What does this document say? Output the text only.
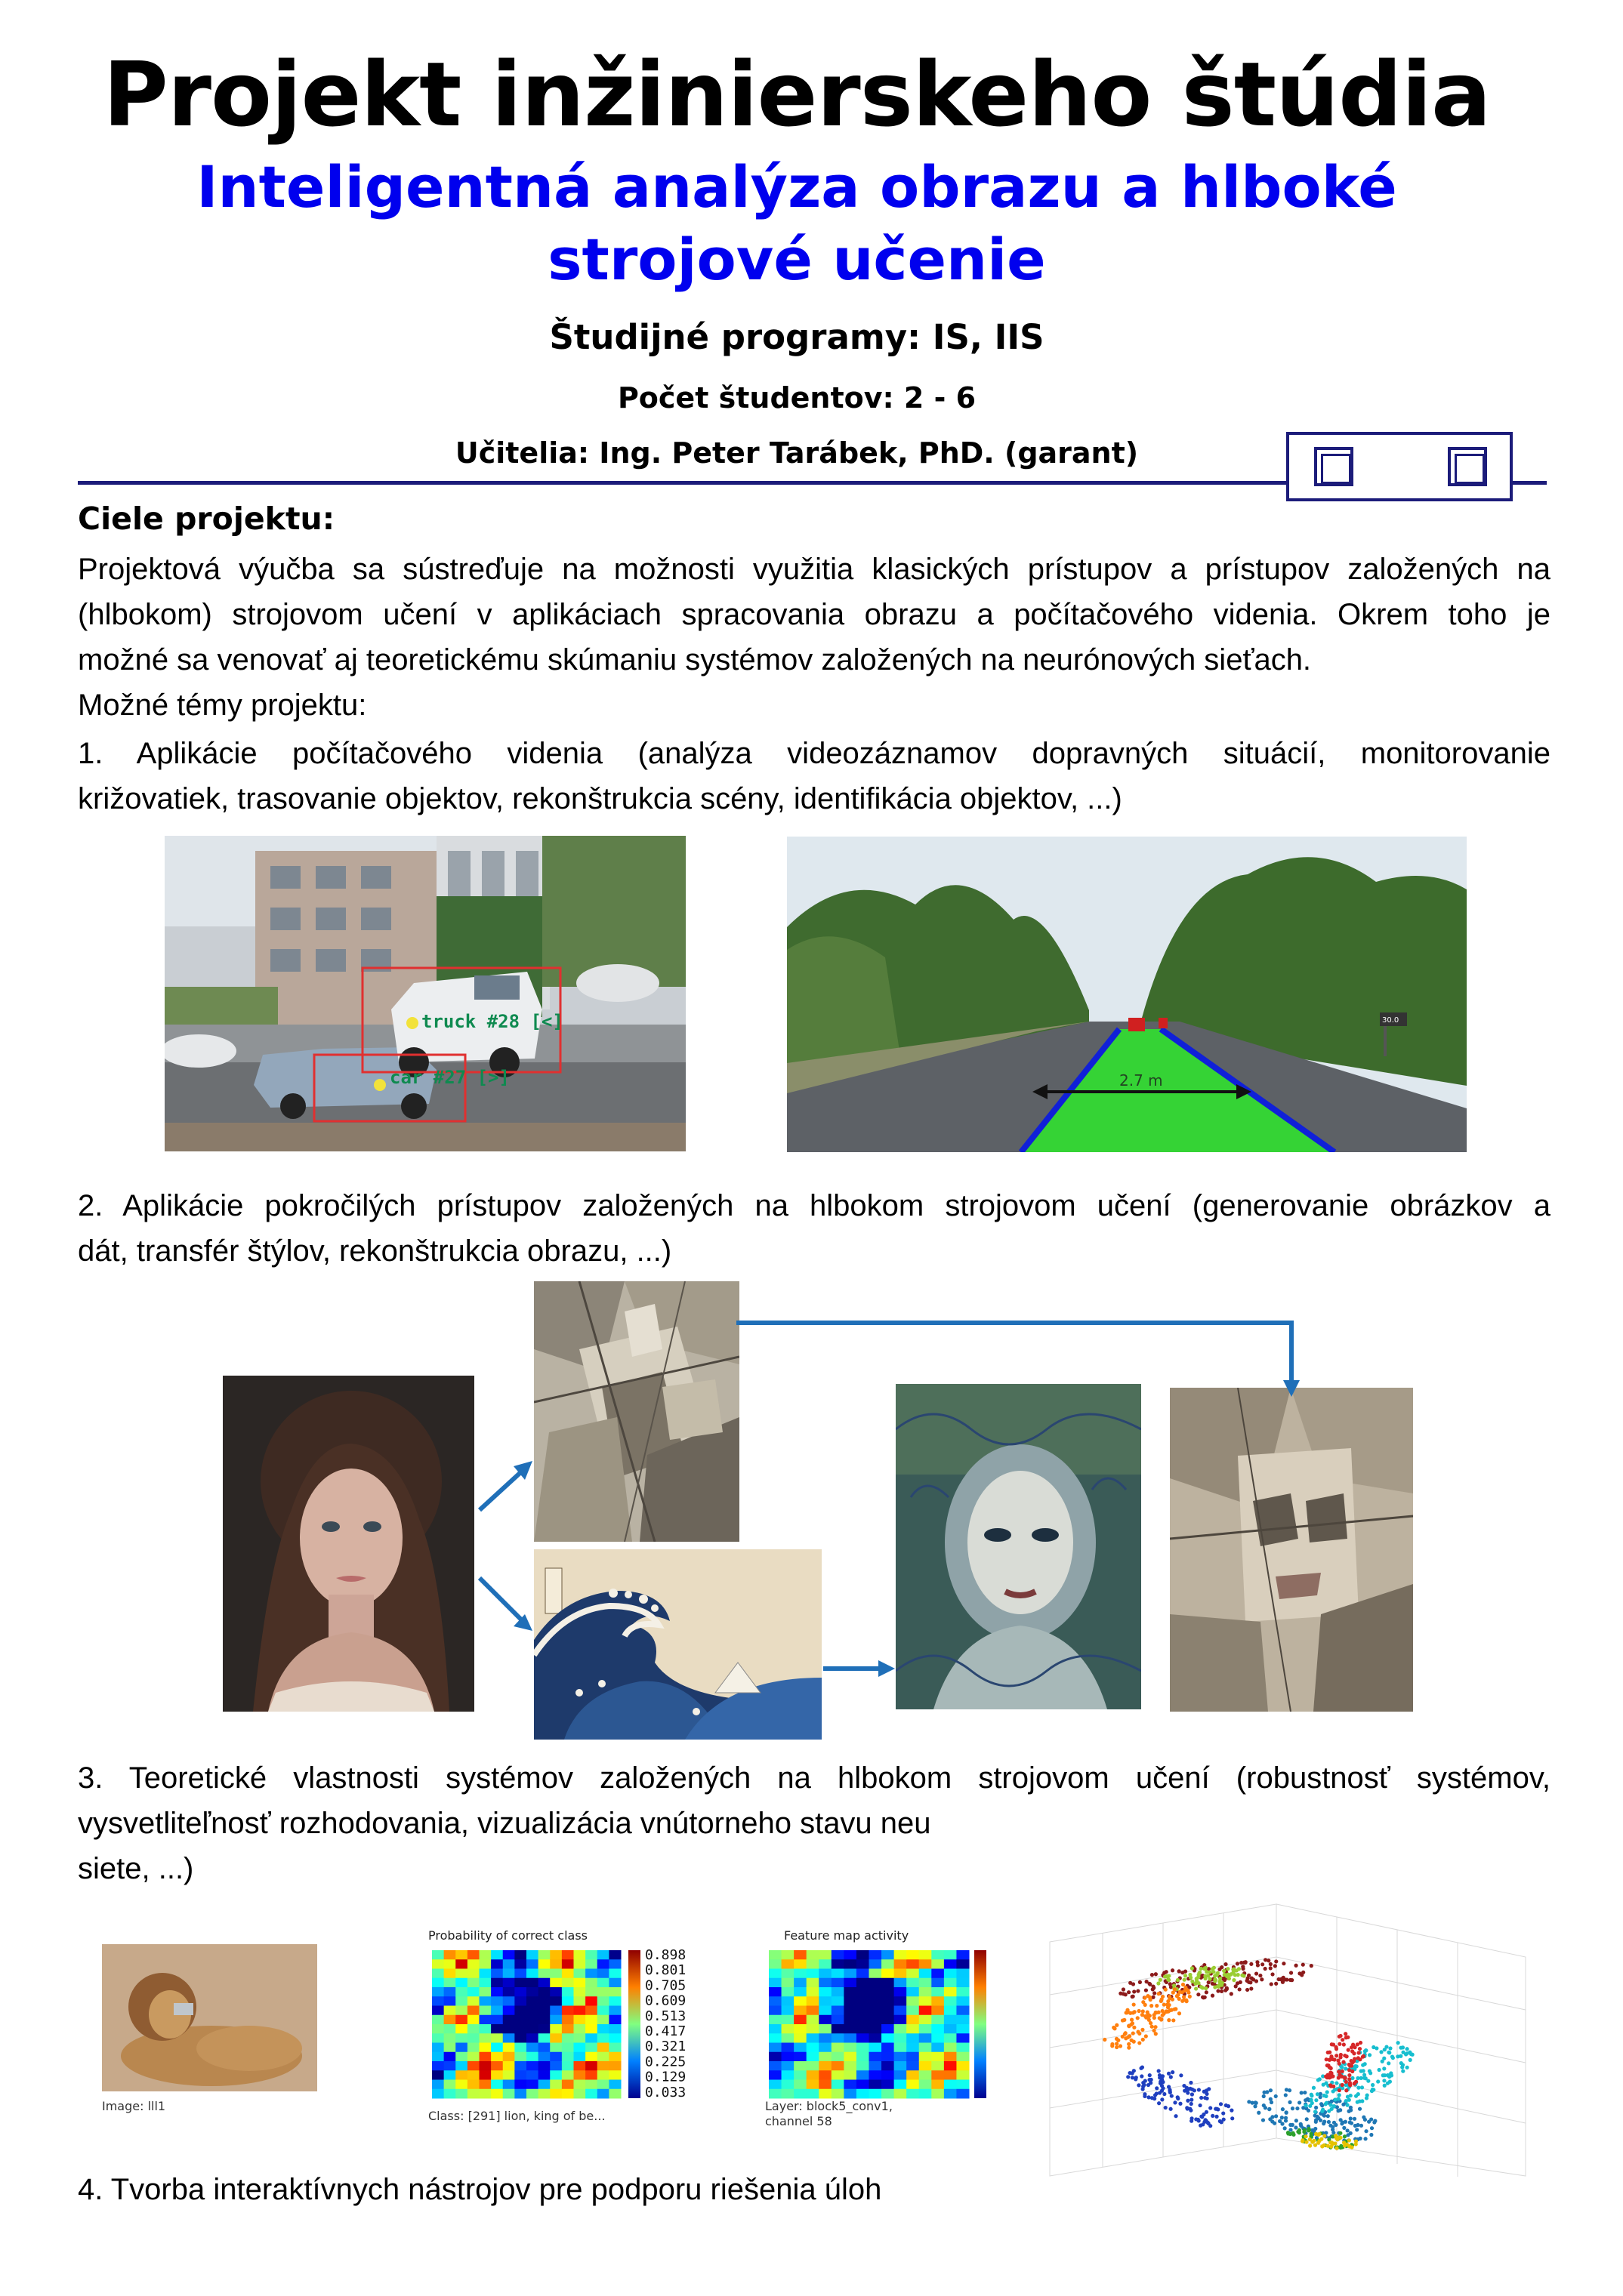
Projekt inžinierskeho štúdia
Inteligentná analýza obrazu a hlboké
strojové učenie
Študijné programy: IS, IIS
Počet študentov: 2 - 6
Učitelia: Ing. Peter Tarábek, PhD. (garant)
Ciele projektu:
Projektová výučba sa sústreďuje na možnosti využitia klasických prístupov a prístupov založených na
(hlbokom) strojovom učení v aplikáciach spracovania obrazu a počítačového videnia. Okrem toho je
možné sa venovať aj teoretickému skúmaniu systémov založených na neurónových sieťach.
Možné témy projektu:
1. Aplikácie počítačového videnia (analýza videozáznamov dopravných situácií, monitorovanie
križovatiek, trasovanie objektov, rekonštrukcia scény, identifikácia objektov, ...)
truck #28 [<]
car #27 [>]	2.7 m
30.0
2. Aplikácie pokročilých prístupov založených na hlbokom strojovom učení (generovanie obrázkov a
dát, transfér štýlov, rekonštrukcia obrazu, ...)
3. Teoretické vlastnosti systémov založených na hlbokom strojovom učení (robustnosť systémov,
vysvetliteľnosť rozhodovania, vizualizácia vnútorneho stavu neu
siete, ...)
Image: lll1
Probability of correct class
0.898
0.801
0.705
0.609
0.513
0.417
0.321
0.225
0.129
0.033
Class: [291] lion, king of be...
Feature map activity
Layer: block5_conv1,
channel 58
4. Tvorba interaktívnych nástrojov pre podporu riešenia úloh
